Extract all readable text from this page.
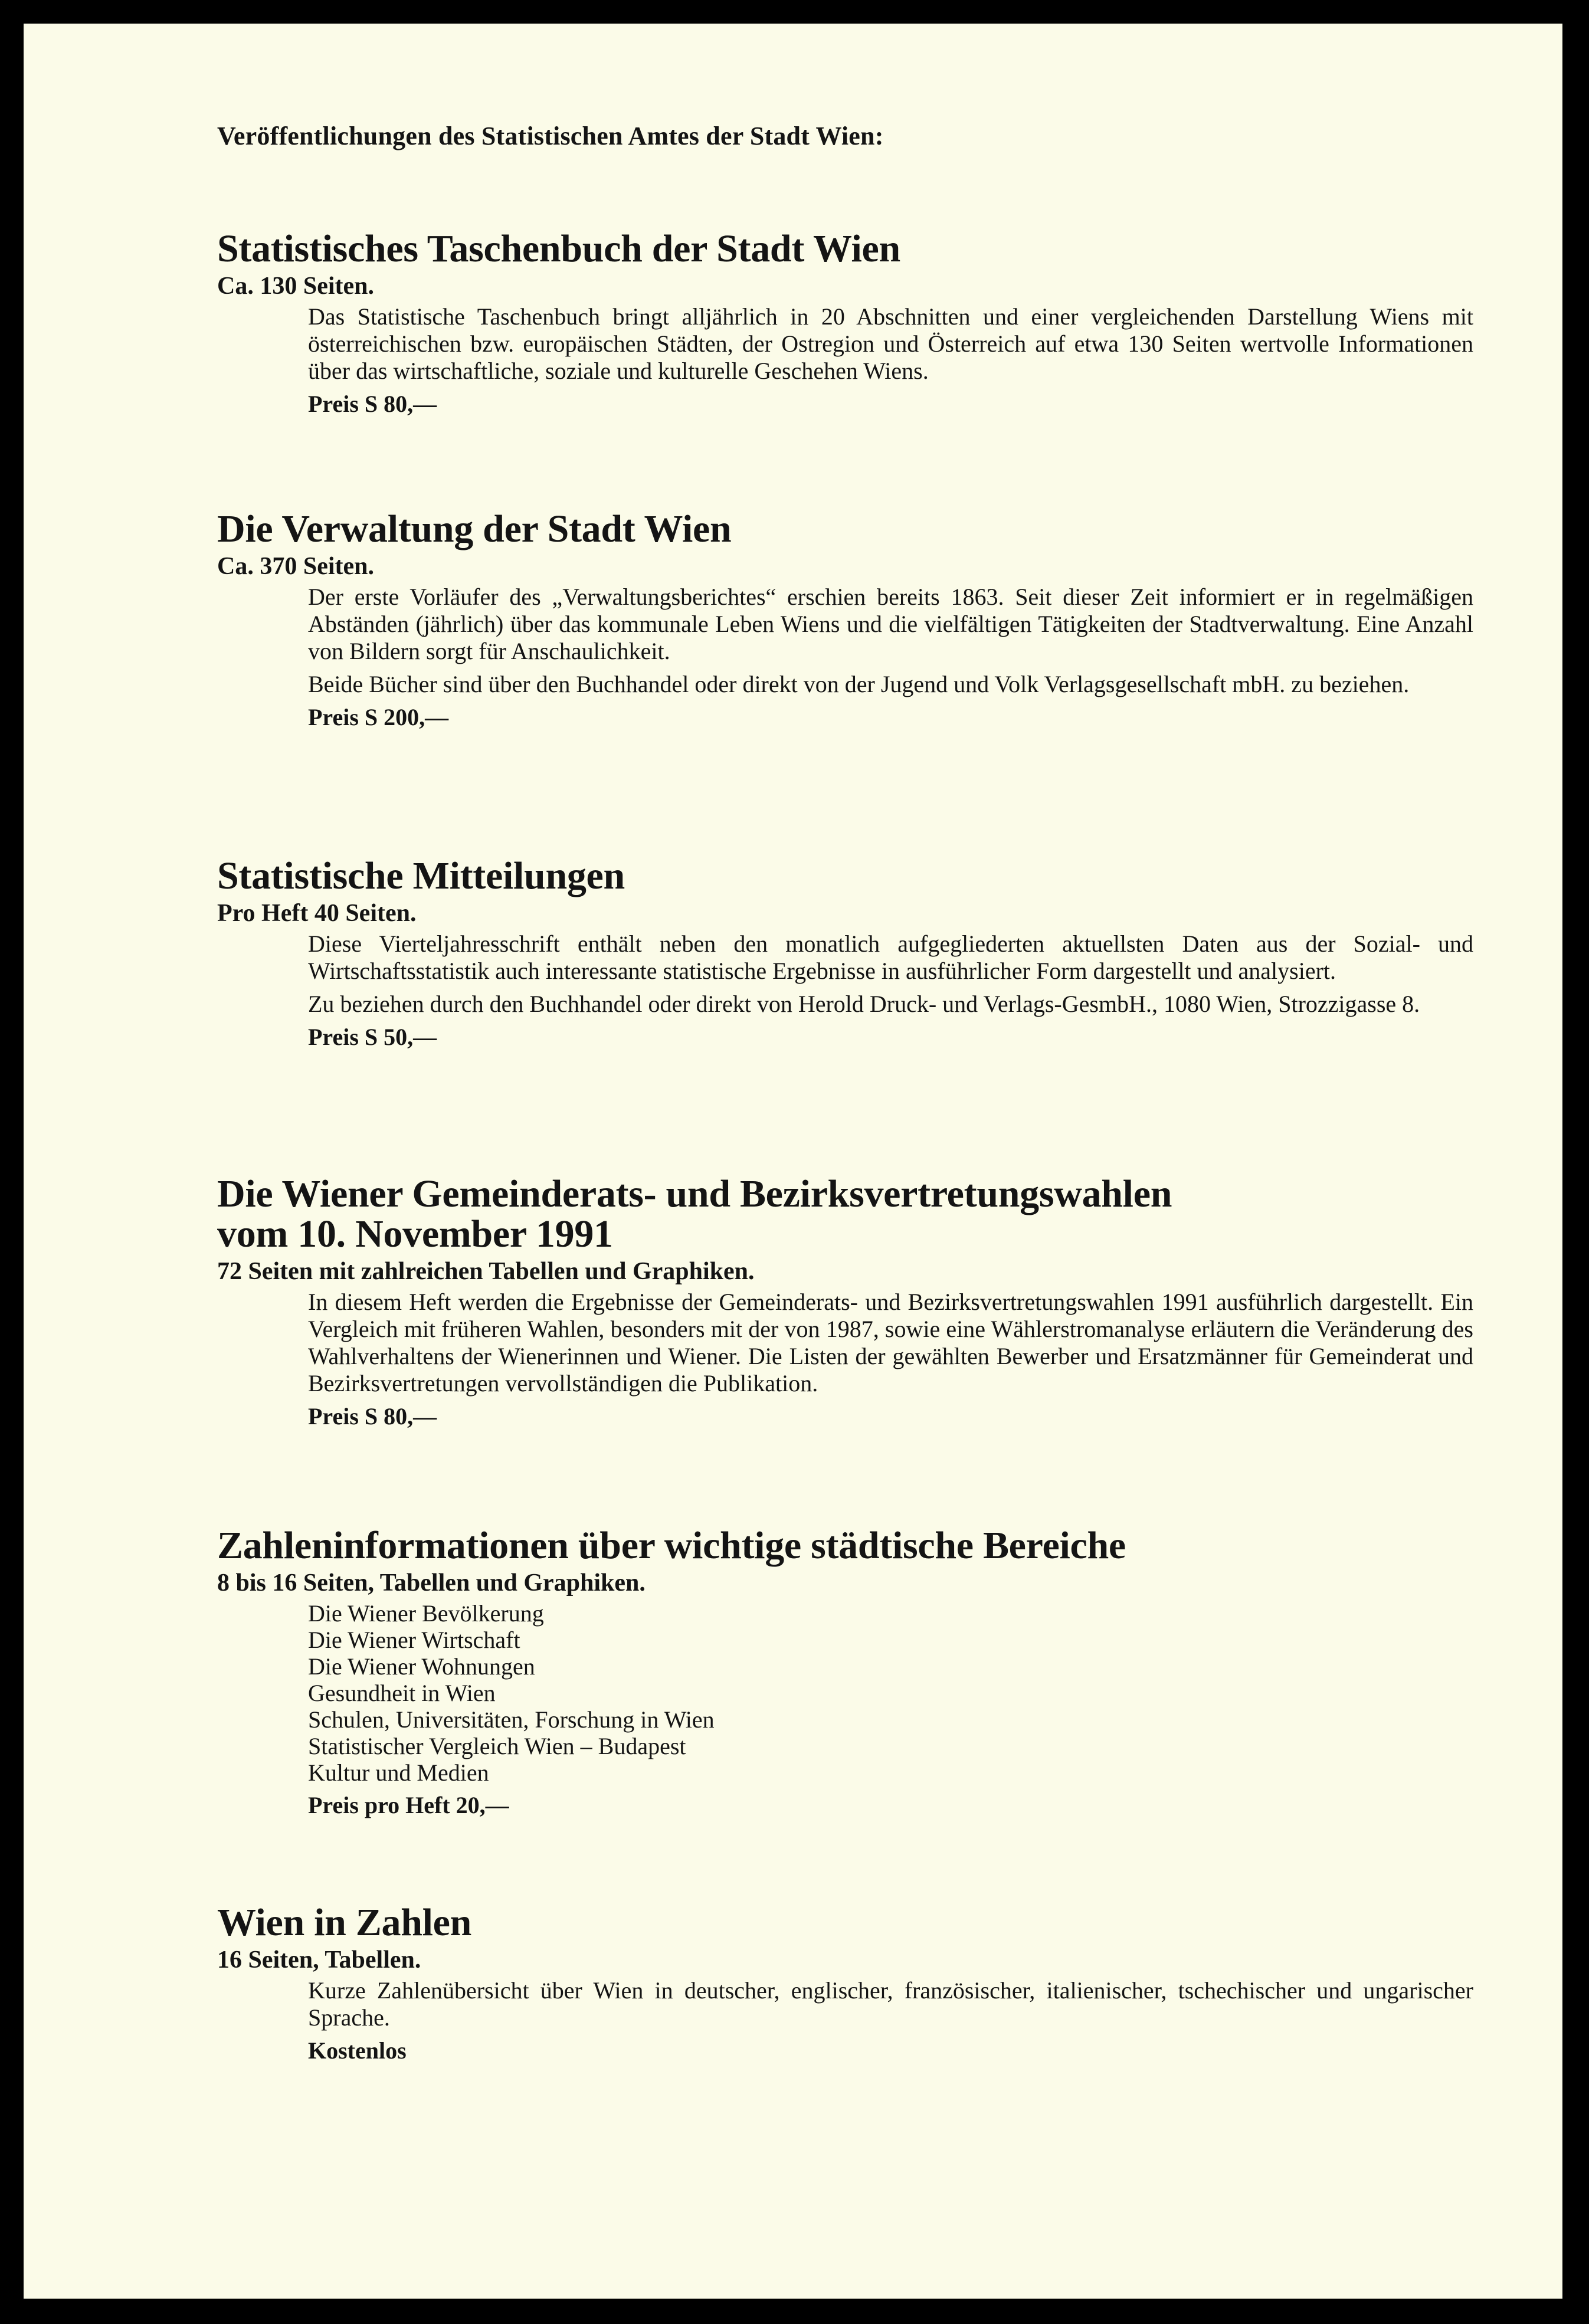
Veröffentlichungen des Statistischen Amtes der Stadt Wien:
Statistisches Taschenbuch der Stadt Wien
Ca. 130 Seiten.

Das Statistische Taschenbuch bringt alljährlich in 20 Abschnitten und einer vergleichenden Darstellung Wiens mit österreichischen bzw. europäischen Städten, der Ostregion und Österreich auf etwa 130 Seiten wertvolle Informationen über das wirtschaftliche, soziale und kulturelle Geschehen Wiens.

Preis S 80,—
Die Verwaltung der Stadt Wien
Ca. 370 Seiten.

Der erste Vorläufer des „Verwaltungsberichtes“ erschien bereits 1863. Seit dieser Zeit informiert er in regelmäßigen Abständen (jährlich) über das kommunale Leben Wiens und die vielfältigen Tätigkeiten der Stadtverwaltung. Eine Anzahl von Bildern sorgt für Anschaulichkeit.

Beide Bücher sind über den Buchhandel oder direkt von der Jugend und Volk Verlagsgesellschaft mbH. zu beziehen.

Preis S 200,—
Statistische Mitteilungen
Pro Heft 40 Seiten.

Diese Vierteljahresschrift enthält neben den monatlich aufgegliederten aktuellsten Daten aus der Sozial- und Wirtschaftsstatistik auch interessante statistische Ergebnisse in ausführlicher Form dargestellt und analysiert.

Zu beziehen durch den Buchhandel oder direkt von Herold Druck- und Verlags-GesmbH., 1080 Wien, Strozzigasse 8.

Preis S 50,—
Die Wiener Gemeinderats- und Bezirksvertretungswahlen
vom 10. November 1991
72 Seiten mit zahlreichen Tabellen und Graphiken.

In diesem Heft werden die Ergebnisse der Gemeinderats- und Bezirksvertretungswahlen 1991 ausführlich dargestellt. Ein Vergleich mit früheren Wahlen, besonders mit der von 1987, sowie eine Wählerstromanalyse erläutern die Veränderung des Wahlverhaltens der Wienerinnen und Wiener. Die Listen der gewählten Bewerber und Ersatzmänner für Gemeinderat und Bezirksvertretungen vervollständigen die Publikation.

Preis S 80,—
Zahleninformationen über wichtige städtische Bereiche
8 bis 16 Seiten, Tabellen und Graphiken.
Die Wiener Bevölkerung
Die Wiener Wirtschaft
Die Wiener Wohnungen
Gesundheit in Wien
Schulen, Universitäten, Forschung in Wien
Statistischer Vergleich Wien – Budapest
Kultur und Medien
Preis pro Heft 20,—
Wien in Zahlen
16 Seiten, Tabellen.

Kurze Zahlenübersicht über Wien in deutscher, englischer, französischer, italienischer, tschechischer und ungarischer Sprache.

Kostenlos
